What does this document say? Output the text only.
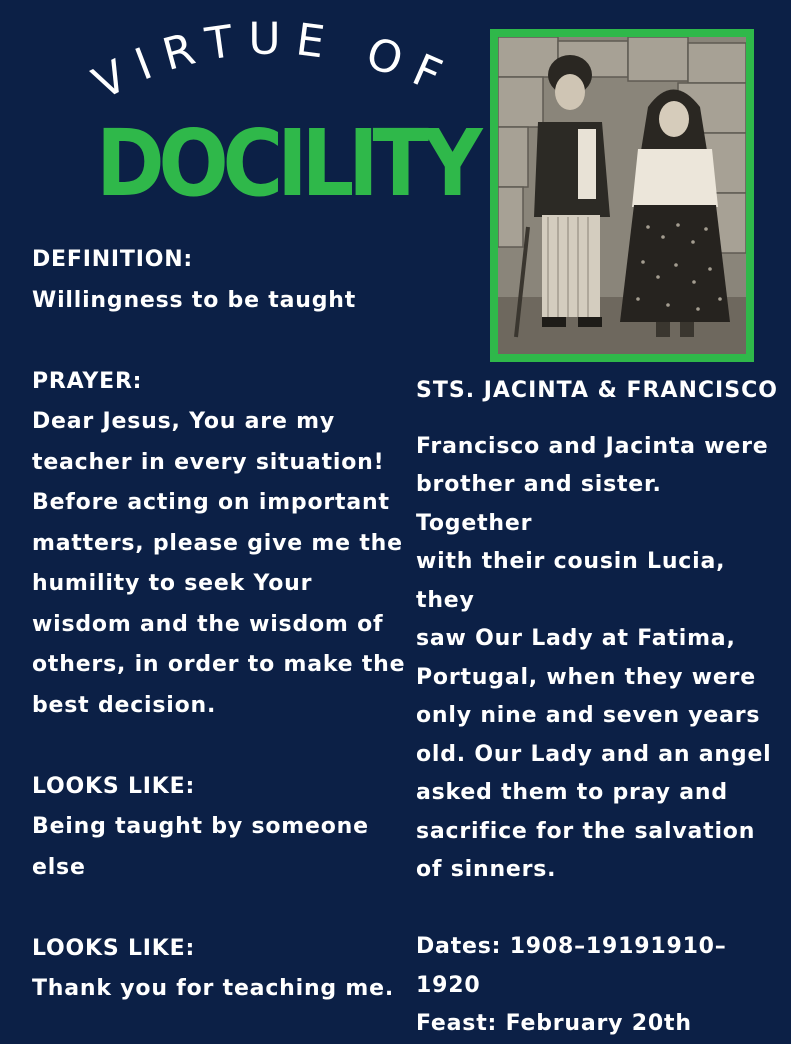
VIRTUE OF
DOCILITY

DEFINITION:

Willingness to be taught

PRAYER:

Dear Jesus, You are my

teacher in every situation!

Before acting on important

matters, please give me the

humility to seek Your

wisdom and the wisdom of

others, in order to make the

best decision.

LOOKS LIKE:

Being taught by someone

else

LOOKS LIKE:

Thank you for teaching me.

STS. JACINTA & FRANCISCO

Francisco and Jacinta were

brother and sister. Together

with their cousin Lucia, they

saw Our Lady at Fatima,

Portugal, when they were

only nine and seven years

old. Our Lady and an angel

asked them to pray and

sacrifice for the salvation

of sinners.

Dates: 1908–19191910–1920

Feast: February 20th
